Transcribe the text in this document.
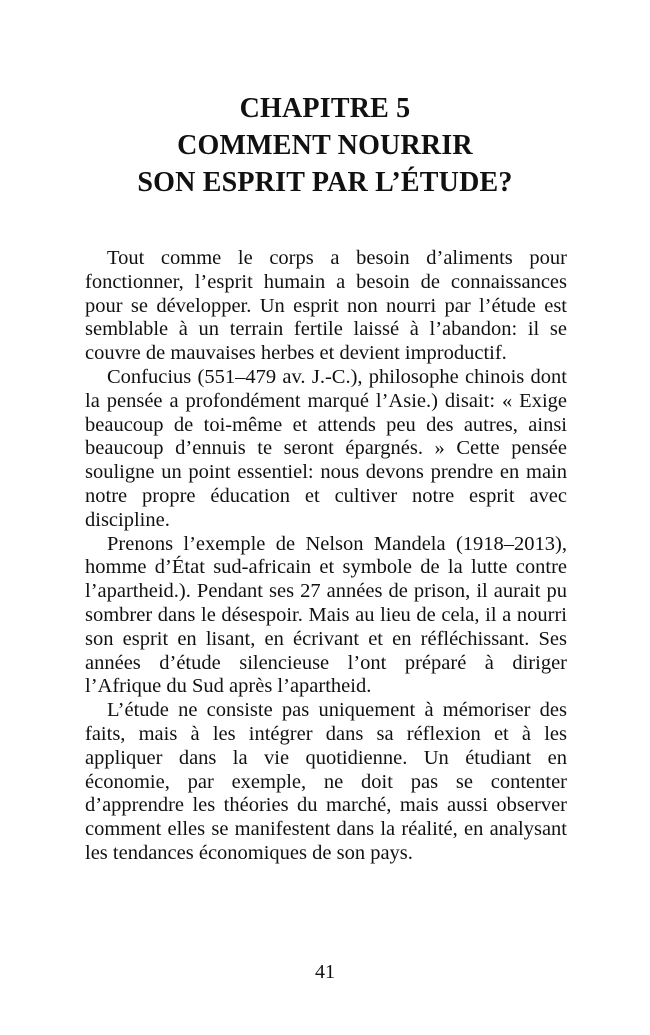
CHAPITRE 5
COMMENT NOURRIR
SON ESPRIT PAR L’ÉTUDE?

Tout comme le corps a besoin d’aliments pour fonctionner, l’esprit humain a besoin de connaissances pour se développer. Un esprit non nourri par l’étude est semblable à un terrain fertile laissé à l’abandon: il se couvre de mauvaises herbes et devient improductif.

Confucius (551–479 av. J.-C.), philosophe chinois dont la pensée a profondément marqué l’Asie.) disait: « Exige beaucoup de toi-même et attends peu des autres, ainsi beaucoup d’ennuis te seront épargnés. » Cette pensée souligne un point essentiel: nous devons prendre en main notre propre éducation et cultiver notre esprit avec discipline.

Prenons l’exemple de Nelson Mandela (1918–2013), homme d’État sud-africain et symbole de la lutte contre l’apartheid.). Pendant ses 27 années de prison, il aurait pu sombrer dans le désespoir. Mais au lieu de cela, il a nourri son esprit en lisant, en écrivant et en réfléchissant. Ses années d’étude silencieuse l’ont préparé à diriger l’Afrique du Sud après l’apartheid.

L’étude ne consiste pas uniquement à mémoriser des faits, mais à les intégrer dans sa réflexion et à les appliquer dans la vie quotidienne. Un étudiant en économie, par exemple, ne doit pas se contenter d’apprendre les théories du marché, mais aussi observer comment elles se manifestent dans la réalité, en analysant les tendances économiques de son pays.

41
